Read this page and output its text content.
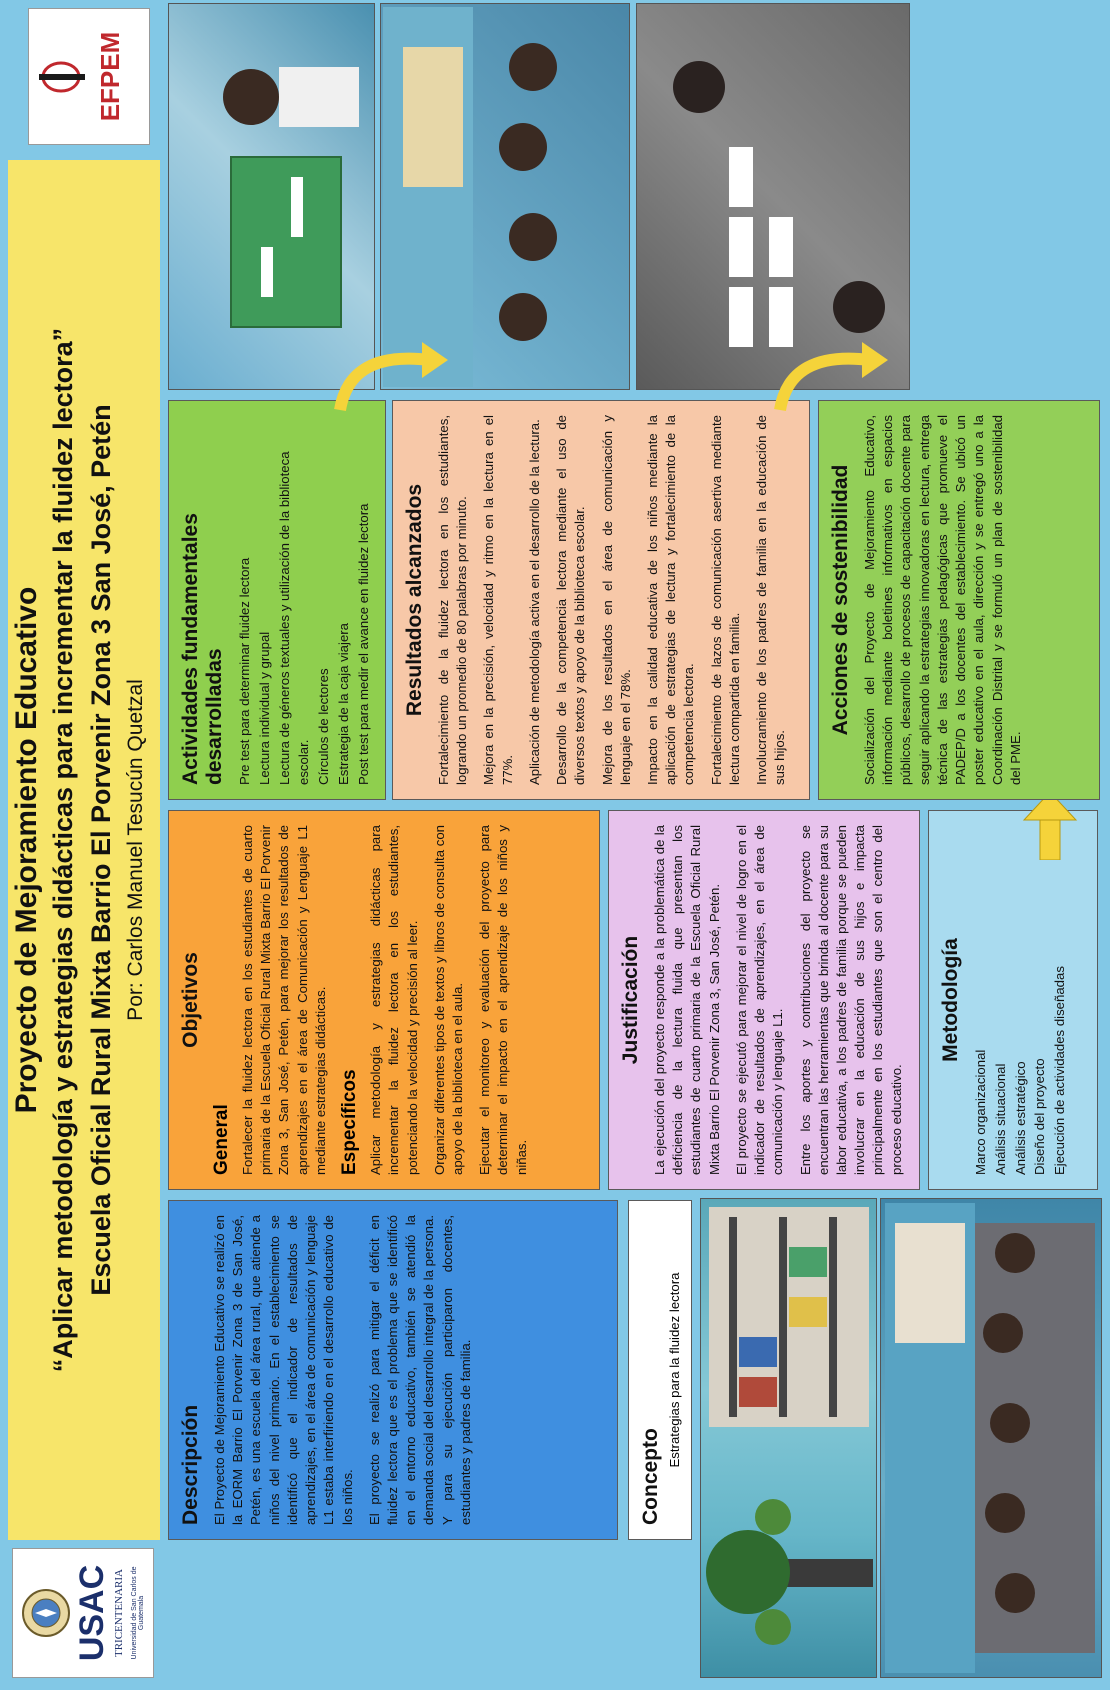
USAC TRICENTENARIA Universidad de San Carlos de Guatemala
EFPEM
Proyecto de Mejoramiento Educativo “Aplicar metodología y estrategias didácticas para incrementar la fluidez lectora” Escuela Oficial Rural Mixta Barrio El Porvenir Zona 3 San José, Petén Por: Carlos Manuel Tesucún Quetzal
Descripción El Proyecto de Mejoramiento Educativo se realizó en la EORM Barrio El Porvenir Zona 3 de San José, Petén, es una escuela del área rural, que atiende a niños del nivel primario. En el establecimiento se identificó que el indicador de resultados de aprendizajes, en el área de comunicación y lenguaje L1 estaba interfiriendo en el desarrollo educativo de los niños. El proyecto se realizó para mitigar el déficit en fluidez lectora que es el problema que se identificó en el entorno educativo, también se atendió la demanda social del desarrollo integral de la persona. Y para su ejecución participaron docentes, estudiantes y padres de familia.	Concepto
Estrategias para la fluidez lectora
Objetivos
General Fortalecer la fluidez lectora en los estudiantes de cuarto primaria de la Escuela Oficial Rural Mixta Barrio El Porvenir Zona 3, San José, Petén, para mejorar los resultados de aprendizajes en el área de Comunicación y Lenguaje L1 mediante estrategias didácticas. Específicos Aplicar metodología y estrategias didácticas para incrementar la fluidez lectora en los estudiantes, potenciando la velocidad y precisión al leer. Organizar diferentes tipos de textos y libros de consulta con apoyo de la biblioteca en el aula. Ejecutar el monitoreo y evaluación del proyecto para determinar el impacto en el aprendizaje de los niños y niñas.

Justificación La ejecución del proyecto responde a la problemática de la deficiencia de la lectura fluida que presentan los estudiantes de cuarto primaria de la Escuela Oficial Rural Mixta Barrio El Porvenir Zona 3, San José, Petén. El proyecto se ejecutó para mejorar el nivel de logro en el indicador de resultados de aprendizajes, en el área de comunicación y lenguaje L1. Entre los aportes y contribuciones del proyecto se encuentran las herramientas que brinda al docente para su labor educativa, a los padres de familia porque se pueden involucrar en la educación de sus hijos e impacta principalmente en los estudiantes que son el centro del proceso educativo.

Metodología
Marco organizacional Análisis situacional Análisis estratégico Diseño del proyecto Ejecución de actividades diseñadas
Actividades fundamentales desarrolladas Pre test para determinar fluidez lectora Lectura individual y grupal Lectura de géneros textuales y utilización de la biblioteca escolar. Círculos de lectores Estrategia de la caja viajera Post test para medir el avance en fluidez lectora Resultados alcanzados Fortalecimiento de la fluidez lectora en los estudiantes, logrando un promedio de 80 palabras por minuto. Mejora en la precisión, velocidad y ritmo en la lectura en el 77%. Aplicación de metodología activa en el desarrollo de la lectura. Desarrollo de la competencia lectora mediante el uso de diversos textos y apoyo de la biblioteca escolar. Mejora de los resultados en el área de comunicación y lenguaje en el 78%. Impacto en la calidad educativa de los niños mediante la aplicación de estrategias de lectura y fortalecimiento de la competencia lectora. Fortalecimiento de lazos de comunicación asertiva mediante lectura compartida en familia. Involucramiento de los padres de familia en la educación de sus hijos.

Acciones de sostenibilidad Socialización del Proyecto de Mejoramiento Educativo, información mediante boletines informativos en espacios públicos, desarrollo de procesos de capacitación docente para seguir aplicando la estrategias innovadoras en lectura, entrega técnica de las estrategias pedagógicas que promueve el PADEP/D a los docentes del establecimiento. Se ubicó un poster educativo en el aula, dirección y se entregó uno a la Coordinación Distrital y se formuló un plan de sostenibilidad del PME.
